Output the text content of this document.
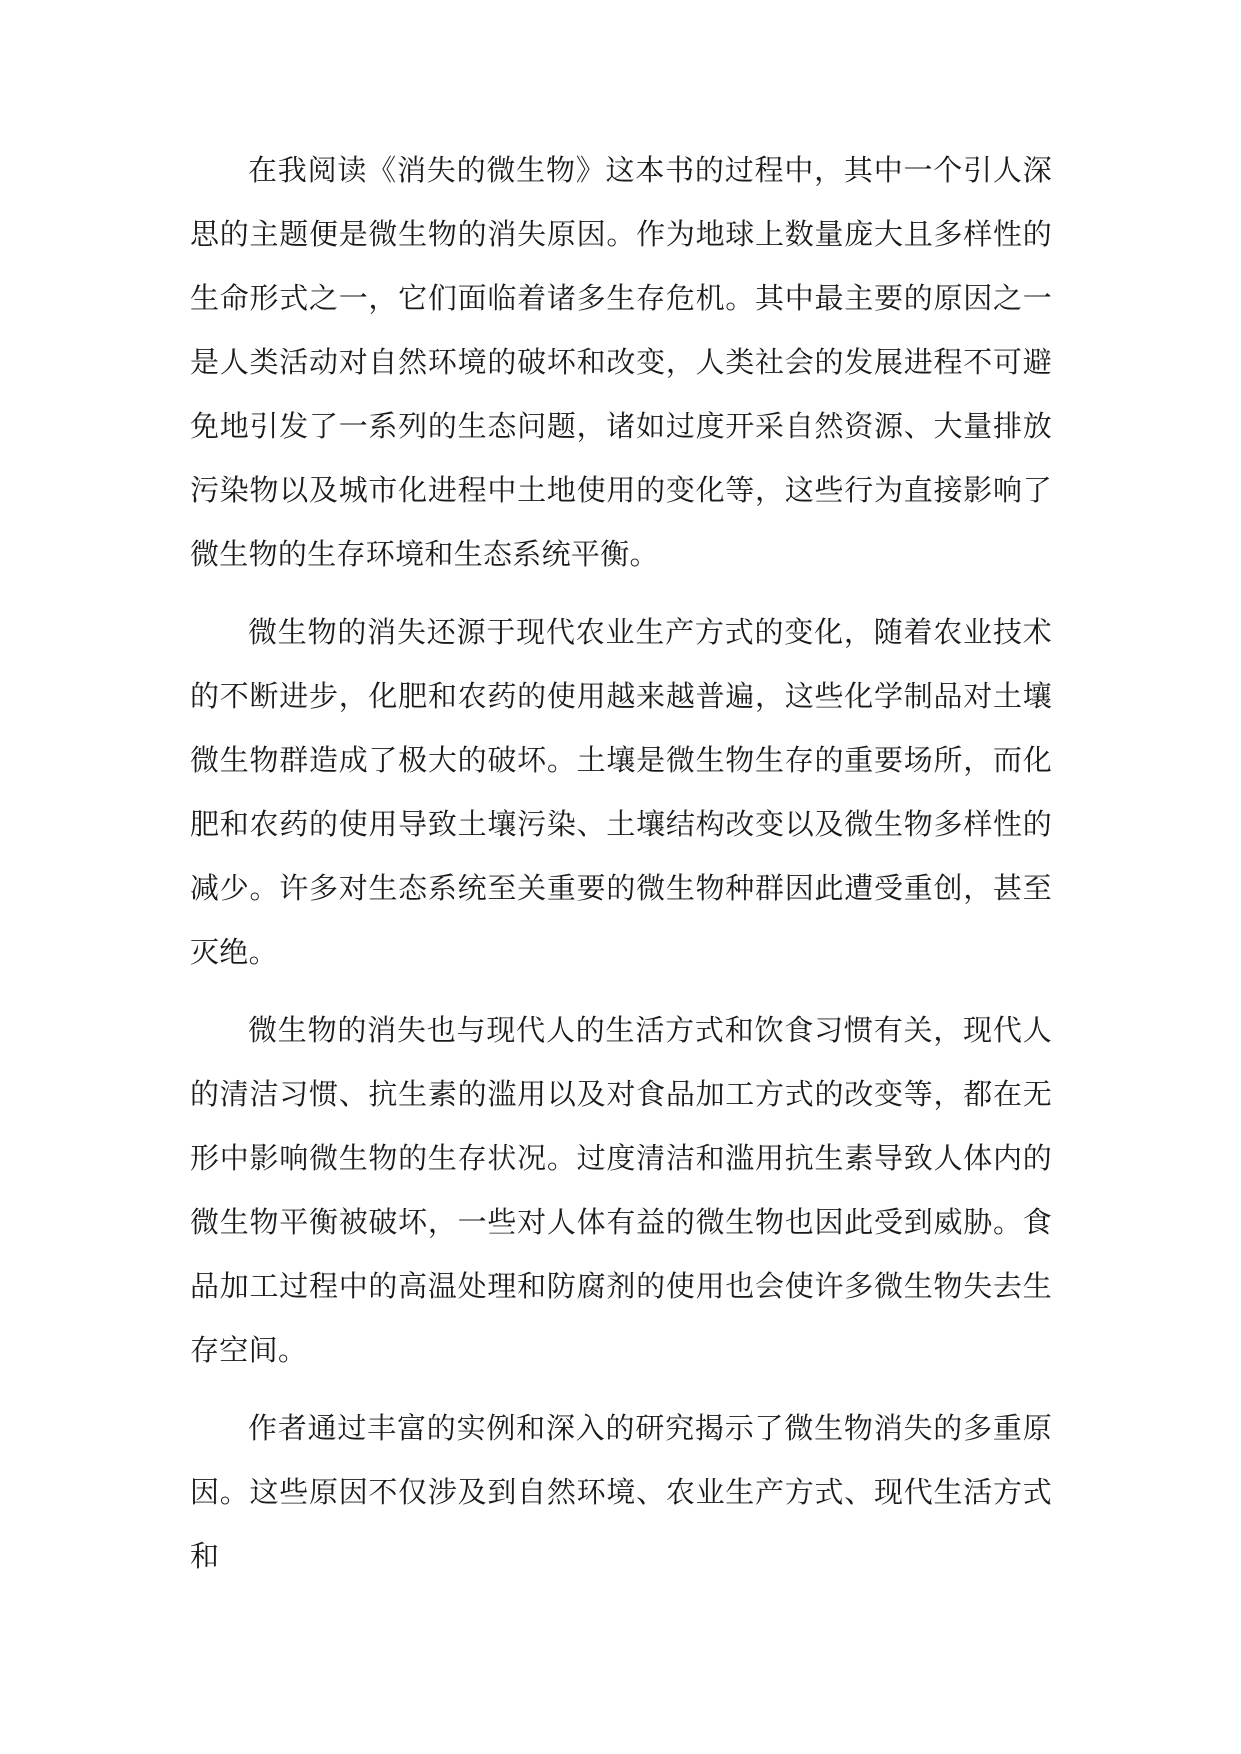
在我阅读《消失的微生物》这本书的过程中，其中一个引人深思的主题便是微生物的消失原因。作为地球上数量庞大且多样性的生命形式之一，它们面临着诸多生存危机。其中最主要的原因之一是人类活动对自然环境的破坏和改变，人类社会的发展进程不可避免地引发了一系列的生态问题，诸如过度开采自然资源、大量排放污染物以及城市化进程中土地使用的变化等，这些行为直接影响了微生物的生存环境和生态系统平衡。

微生物的消失还源于现代农业生产方式的变化，随着农业技术的不断进步，化肥和农药的使用越来越普遍，这些化学制品对土壤微生物群造成了极大的破坏。土壤是微生物生存的重要场所，而化肥和农药的使用导致土壤污染、土壤结构改变以及微生物多样性的减少。许多对生态系统至关重要的微生物种群因此遭受重创，甚至灭绝。

微生物的消失也与现代人的生活方式和饮食习惯有关，现代人的清洁习惯、抗生素的滥用以及对食品加工方式的改变等，都在无形中影响微生物的生存状况。过度清洁和滥用抗生素导致人体内的微生物平衡被破坏，一些对人体有益的微生物也因此受到威胁。食品加工过程中的高温处理和防腐剂的使用也会使许多微生物失去生存空间。

作者通过丰富的实例和深入的研究揭示了微生物消失的多重原因。这些原因不仅涉及到自然环境、农业生产方式、现代生活方式和
